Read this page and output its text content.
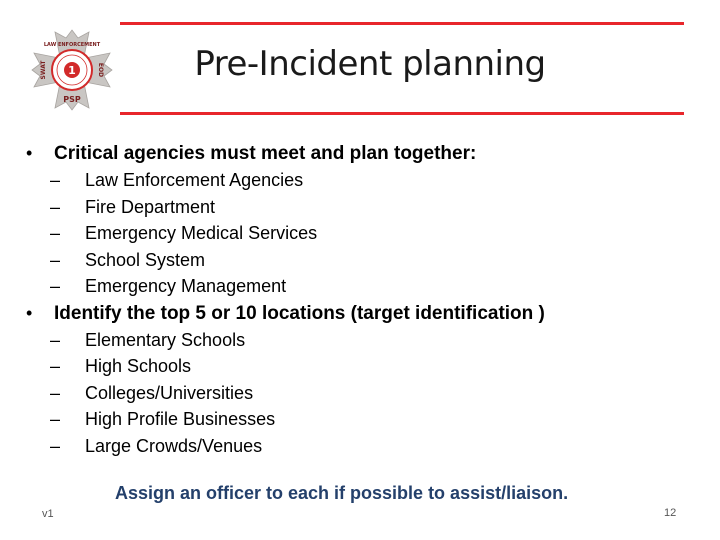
1
LAW ENFORCEMENT
SWAT	EOD
PSP
Pre-Incident planning
• Critical agencies must meet and plan together:
– Law Enforcement Agencies
– Fire Department
– Emergency Medical Services
– School System
– Emergency Management
• Identify the top 5 or 10 locations (target identification )
– Elementary Schools
– High Schools
– Colleges/Universities
– High Profile Businesses
– Large Crowds/Venues
Assign an officer to each if possible to assist/liaison.
v1	12
